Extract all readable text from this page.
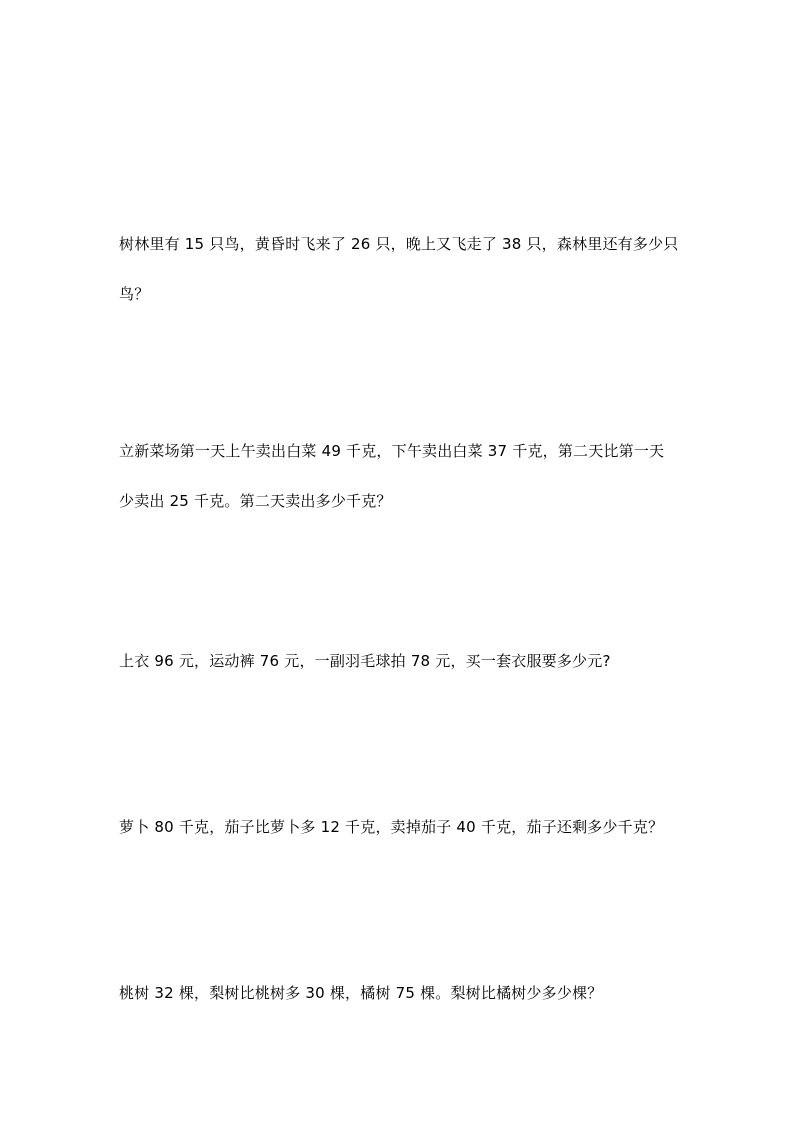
树林里有 15 只鸟，黄昏时飞来了 26 只，晚上又飞走了 38 只，森林里还有多少只鸟？

立新菜场第一天上午卖出白菜 49 千克，下午卖出白菜 37 千克，第二天比第一天少卖出 25 千克。第二天卖出多少千克？

上衣 96 元，运动裤 76 元，一副羽毛球拍 78 元，买一套衣服要多少元?

萝卜 80 千克，茄子比萝卜多 12 千克，卖掉茄子 40 千克，茄子还剩多少千克？

桃树 32 棵，梨树比桃树多 30 棵，橘树 75 棵。梨树比橘树少多少棵？
